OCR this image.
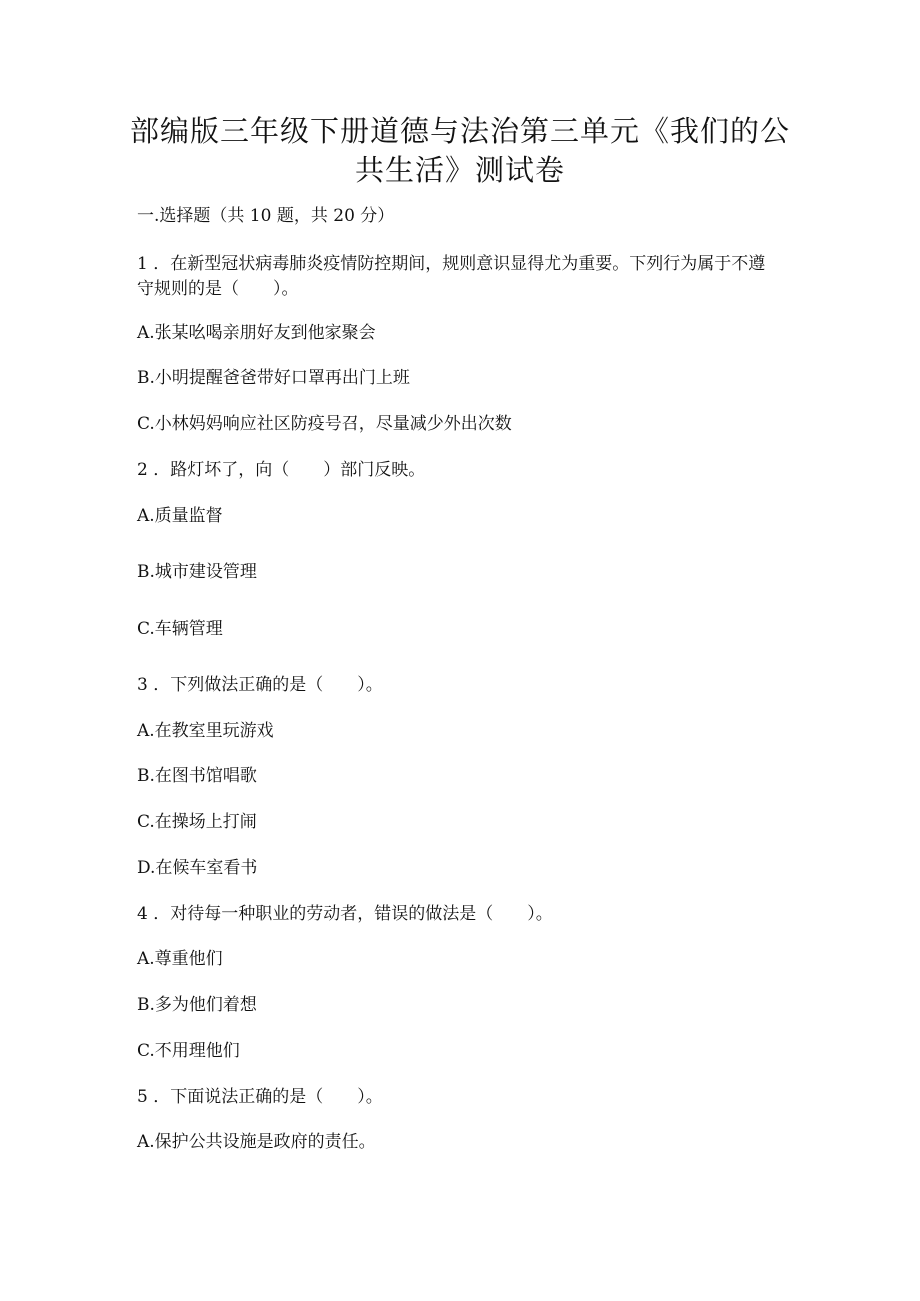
部编版三年级下册道德与法治第三单元《我们的公共生活》测试卷
一.选择题（共 10 题，共 20 分）
1 ．在新型冠状病毒肺炎疫情防控期间，规则意识显得尤为重要。下列行为属于不遵守规则的是（　　）。
A.张某吆喝亲朋好友到他家聚会
B.小明提醒爸爸带好口罩再出门上班
C.小林妈妈响应社区防疫号召，尽量减少外出次数
2 ．路灯坏了，向（　　）部门反映。
A.质量监督
B.城市建设管理
C.车辆管理
3 ．下列做法正确的是（　　）。
A.在教室里玩游戏
B.在图书馆唱歌
C.在操场上打闹
D.在候车室看书
4 ．对待每一种职业的劳动者，错误的做法是（　　）。
A.尊重他们
B.多为他们着想
C.不用理他们
5 ．下面说法正确的是（　　）。
A.保护公共设施是政府的责任。
